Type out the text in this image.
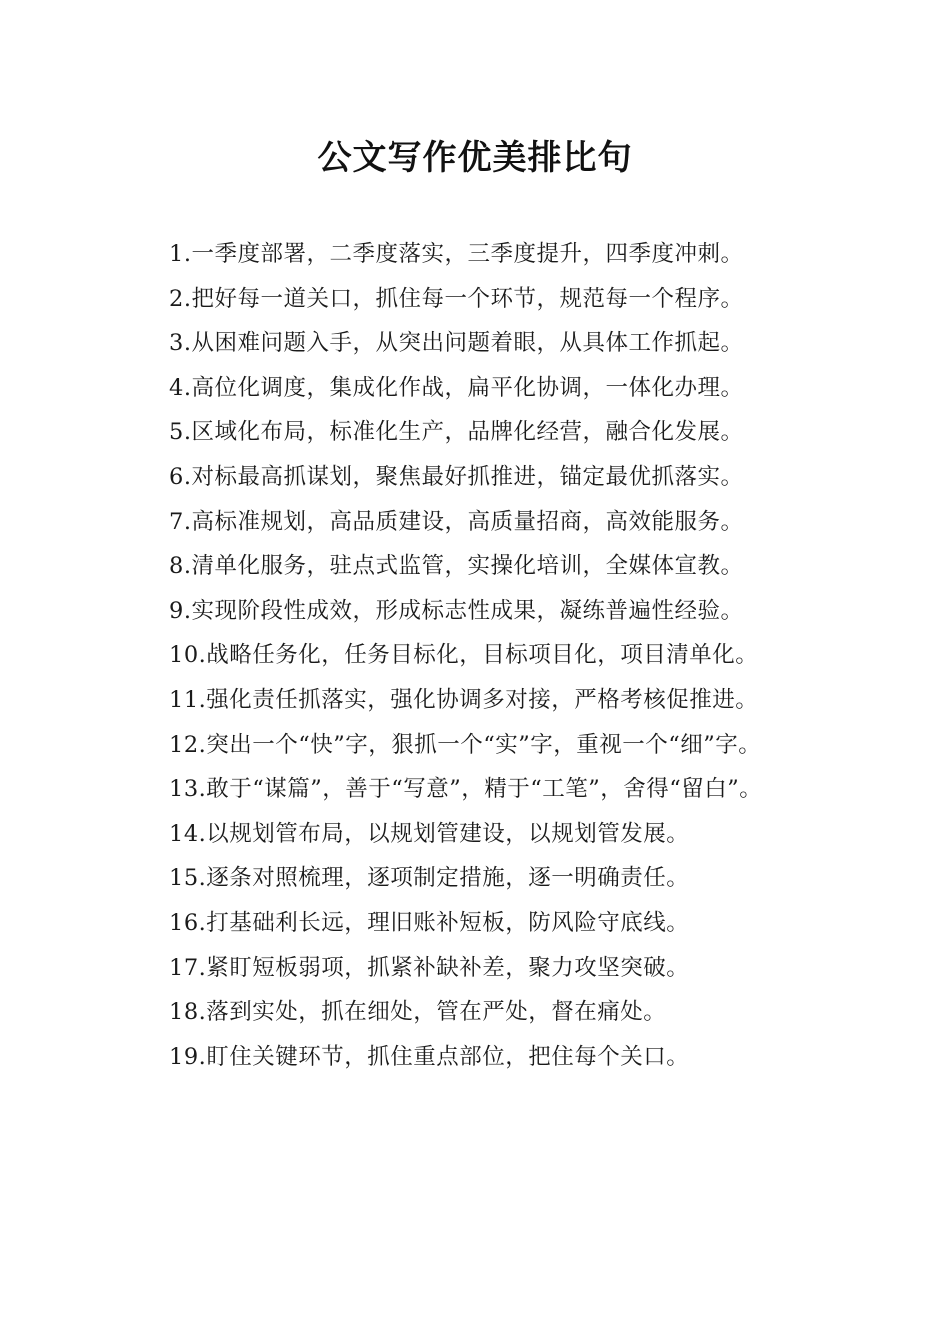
公文写作优美排比句

1.一季度部署，二季度落实，三季度提升，四季度冲刺。

2.把好每一道关口，抓住每一个环节，规范每一个程序。

3.从困难问题入手，从突出问题着眼，从具体工作抓起。

4.高位化调度，集成化作战，扁平化协调，一体化办理。

5.区域化布局，标准化生产，品牌化经营，融合化发展。

6.对标最高抓谋划，聚焦最好抓推进，锚定最优抓落实。

7.高标准规划，高品质建设，高质量招商，高效能服务。

8.清单化服务，驻点式监管，实操化培训，全媒体宣教。

9.实现阶段性成效，形成标志性成果，凝练普遍性经验。

10.战略任务化，任务目标化，目标项目化，项目清单化。

11.强化责任抓落实，强化协调多对接，严格考核促推进。

12.突出一个“快”字，狠抓一个“实”字，重视一个“细”字。

13.敢于“谋篇”，善于“写意”，精于“工笔”，舍得“留白”。

14.以规划管布局，以规划管建设，以规划管发展。

15.逐条对照梳理，逐项制定措施，逐一明确责任。

16.打基础利长远，理旧账补短板，防风险守底线。

17.紧盯短板弱项，抓紧补缺补差，聚力攻坚突破。

18.落到实处，抓在细处，管在严处，督在痛处。

19.盯住关键环节，抓住重点部位，把住每个关口。
